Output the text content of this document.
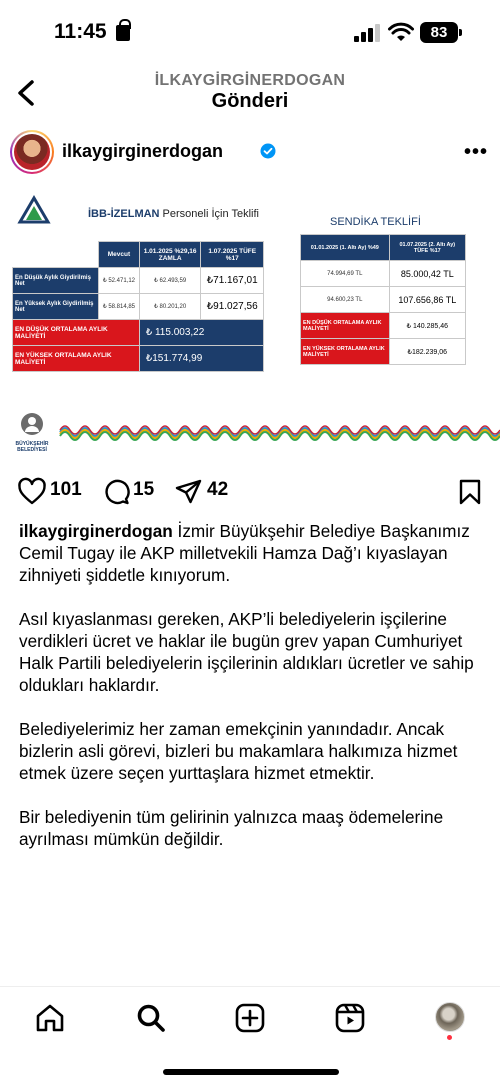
11:45	83
İLKAYGİRGİNERDOGAN
Gönderi
ilkaygirginerdogan	•••
İBB-İZELMAN Personeli İçin Teklifi
	Mevcut	1.01.2025 %29,16 ZAMLA	1.07.2025 TÜFE %17
En Düşük Aylık Giydirilmiş Net	₺ 52.471,12	₺ 62.493,59	₺71.167,01
En Yüksek Aylık Giydirilmiş Net	₺ 58.814,85	₺ 80.201,20	₺91.027,56
EN DÜŞÜK ORTALAMA AYLIK MALİYETİ		₺ 115.003,22	
EN YÜKSEK ORTALAMA AYLIK MALİYETİ		₺151.774,99	
SENDİKA TEKLİFİ
01.01.2025 (1. Altı Ay) %49	01.07.2025 (2. Altı Ay) TÜFE %17
74.994,69 TL	85.000,42 TL
94.600,23 TL	107.656,86 TL
EN DÜŞÜK ORTALAMA AYLIK MALİYETİ	₺ 140.285,46
EN YÜKSEK ORTALAMA AYLIK MALİYETİ	₺182.239,06
BÜYÜKŞEHİR BELEDİYESİ
101	15	42

ilkaygirginerdogan İzmir Büyükşehir Belediye Başkanımız Cemil Tugay ile AKP milletvekili Hamza Dağ’ı kıyaslayan zihniyeti şiddetle kınıyorum.

Asıl kıyaslanması gereken, AKP’li belediyelerin işçilerine verdikleri ücret ve haklar ile bugün grev yapan Cumhuriyet Halk Partili belediyelerin işçilerinin aldıkları ücretler ve sahip oldukları haklardır.

Belediyelerimiz her zaman emekçinin yanındadır. Ancak bizlerin asli görevi, bizleri bu makamlara halkımıza hizmet etmek üzere seçen yurttaşlara hizmet etmektir.

Bir belediyenin tüm gelirinin yalnızca maaş ödemelerine ayrılması mümkün değildir.
